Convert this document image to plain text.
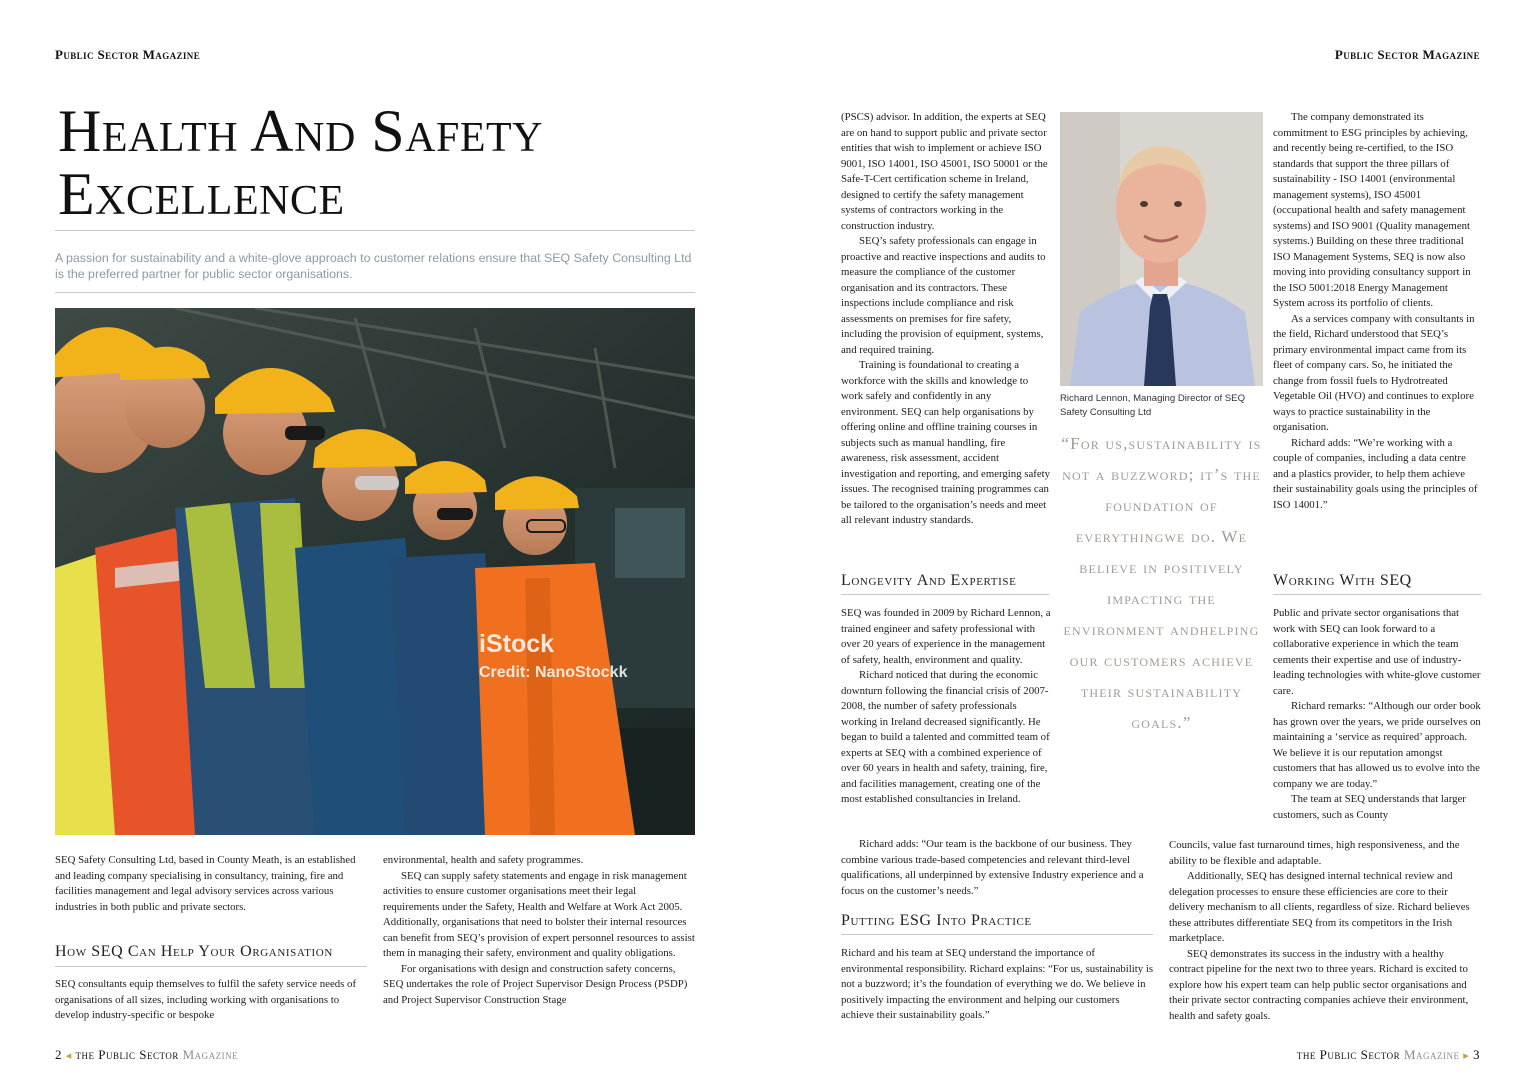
Public Sector Magazine	Public Sector Magazine
Health And Safety
Excellence
A passion for sustainability and a white-glove approach to customer relations ensure that SEQ Safety Consulting Ltd is the preferred partner for public sector organisations.
iStock
Credit: NanoStockk

SEQ Safety Consulting Ltd, based in County Meath, is an established and leading company specialising in consultancy, training, fire and facilities management and legal advisory services across various industries in both public and private sectors.

How SEQ Can Help Your Organisation

SEQ consultants equip themselves to fulfil the safety service needs of organisations of all sizes, including working with organisations to develop industry-specific or bespoke

environmental, health and safety programmes.

SEQ can supply safety statements and engage in risk management activities to ensure customer organisations meet their legal requirements under the Safety, Health and Welfare at Work Act 2005. Additionally, organisations that need to bolster their internal resources can benefit from SEQ’s provision of expert personnel resources to assist them in managing their safety, environment and quality obligations.

For organisations with design and construction safety concerns, SEQ undertakes the role of Project Supervisor Design Process (PSDP) and Project Supervisor Construction Stage

2 ◂ the Public Sector Magazine

(PSCS) advisor. In addition, the experts at SEQ are on hand to support public and private sector entities that wish to implement or achieve ISO 9001, ISO 14001, ISO 45001, ISO 50001 or the Safe-T-Cert certification scheme in Ireland, designed to certify the safety management systems of contractors working in the construction industry.

SEQ’s safety professionals can engage in proactive and reactive inspections and audits to measure the compliance of the customer organisation and its contractors. These inspections include compliance and risk assessments on premises for fire safety, including the provision of equipment, systems, and required training.

Training is foundational to creating a workforce with the skills and knowledge to work safely and confidently in any environment. SEQ can help organisations by offering online and offline training courses in subjects such as manual handling, fire awareness, risk assessment, accident investigation and reporting, and emerging safety issues. The recognised training programmes can be tailored to the organisation’s needs and meet all relevant industry standards.

Longevity And Expertise

SEQ was founded in 2009 by Richard Lennon, a trained engineer and safety professional with over 20 years of experience in the management of safety, health, environment and quality.

Richard noticed that during the economic downturn following the financial crisis of 2007-2008, the number of safety professionals working in Ireland decreased significantly. He began to build a talented and committed team of experts at SEQ with a combined experience of over 60 years in health and safety, training, fire, and facilities management, creating one of the most established consultancies in Ireland.

Richard adds: “Our team is the backbone of our business. They combine various trade-based competencies and relevant third-level qualifications, all underpinned by extensive Industry experience and a focus on the customer’s needs.”

Putting ESG Into Practice

Richard and his team at SEQ understand the importance of environmental responsibility. Richard explains: “For us, sustainability is not a buzzword; it’s the foundation of everything we do. We believe in positively impacting the environment and helping our customers achieve their sustainability goals.”

Richard Lennon, Managing Director of SEQ Safety Consulting Ltd
“For us,sustainability is not a buzzword; it’s the foundation of everythingwe do. We believe in positively impacting the environment andhelping our customers achieve their sustainability goals.”

The company demonstrated its commitment to ESG principles by achieving, and recently being re-certified, to the ISO standards that support the three pillars of sustainability - ISO 14001 (environmental management systems), ISO 45001 (occupational health and safety management systems) and ISO 9001 (Quality management systems.) Building on these three traditional ISO Management Systems, SEQ is now also moving into providing consultancy support in the ISO 5001:2018 Energy Management System across its portfolio of clients.

As a services company with consultants in the field, Richard understood that SEQ’s primary environmental impact came from its fleet of company cars. So, he initiated the change from fossil fuels to Hydrotreated Vegetable Oil (HVO) and continues to explore ways to practice sustainability in the organisation.

Richard adds: “We’re working with a couple of companies, including a data centre and a plastics provider, to help them achieve their sustainability goals using the principles of ISO 14001.”

Working With SEQ

Public and private sector organisations that work with SEQ can look forward to a collaborative experience in which the team cements their expertise and use of industry-leading technologies with white-glove customer care.

Richard remarks: “Although our order book has grown over the years, we pride ourselves on maintaining a ‘service as required’ approach. We believe it is our reputation amongst customers that has allowed us to evolve into the company we are today.”

The team at SEQ understands that larger customers, such as County

Councils, value fast turnaround times, high responsiveness, and the ability to be flexible and adaptable.

Additionally, SEQ has designed internal technical review and delegation processes to ensure these efficiencies are core to their delivery mechanism to all clients, regardless of size. Richard believes these attributes differentiate SEQ from its competitors in the Irish marketplace.

SEQ demonstrates its success in the industry with a healthy contract pipeline for the next two to three years. Richard is excited to explore how his expert team can help public sector organisations and their private sector contracting companies achieve their environment, health and safety goals.

the Public Sector Magazine ▸ 3
